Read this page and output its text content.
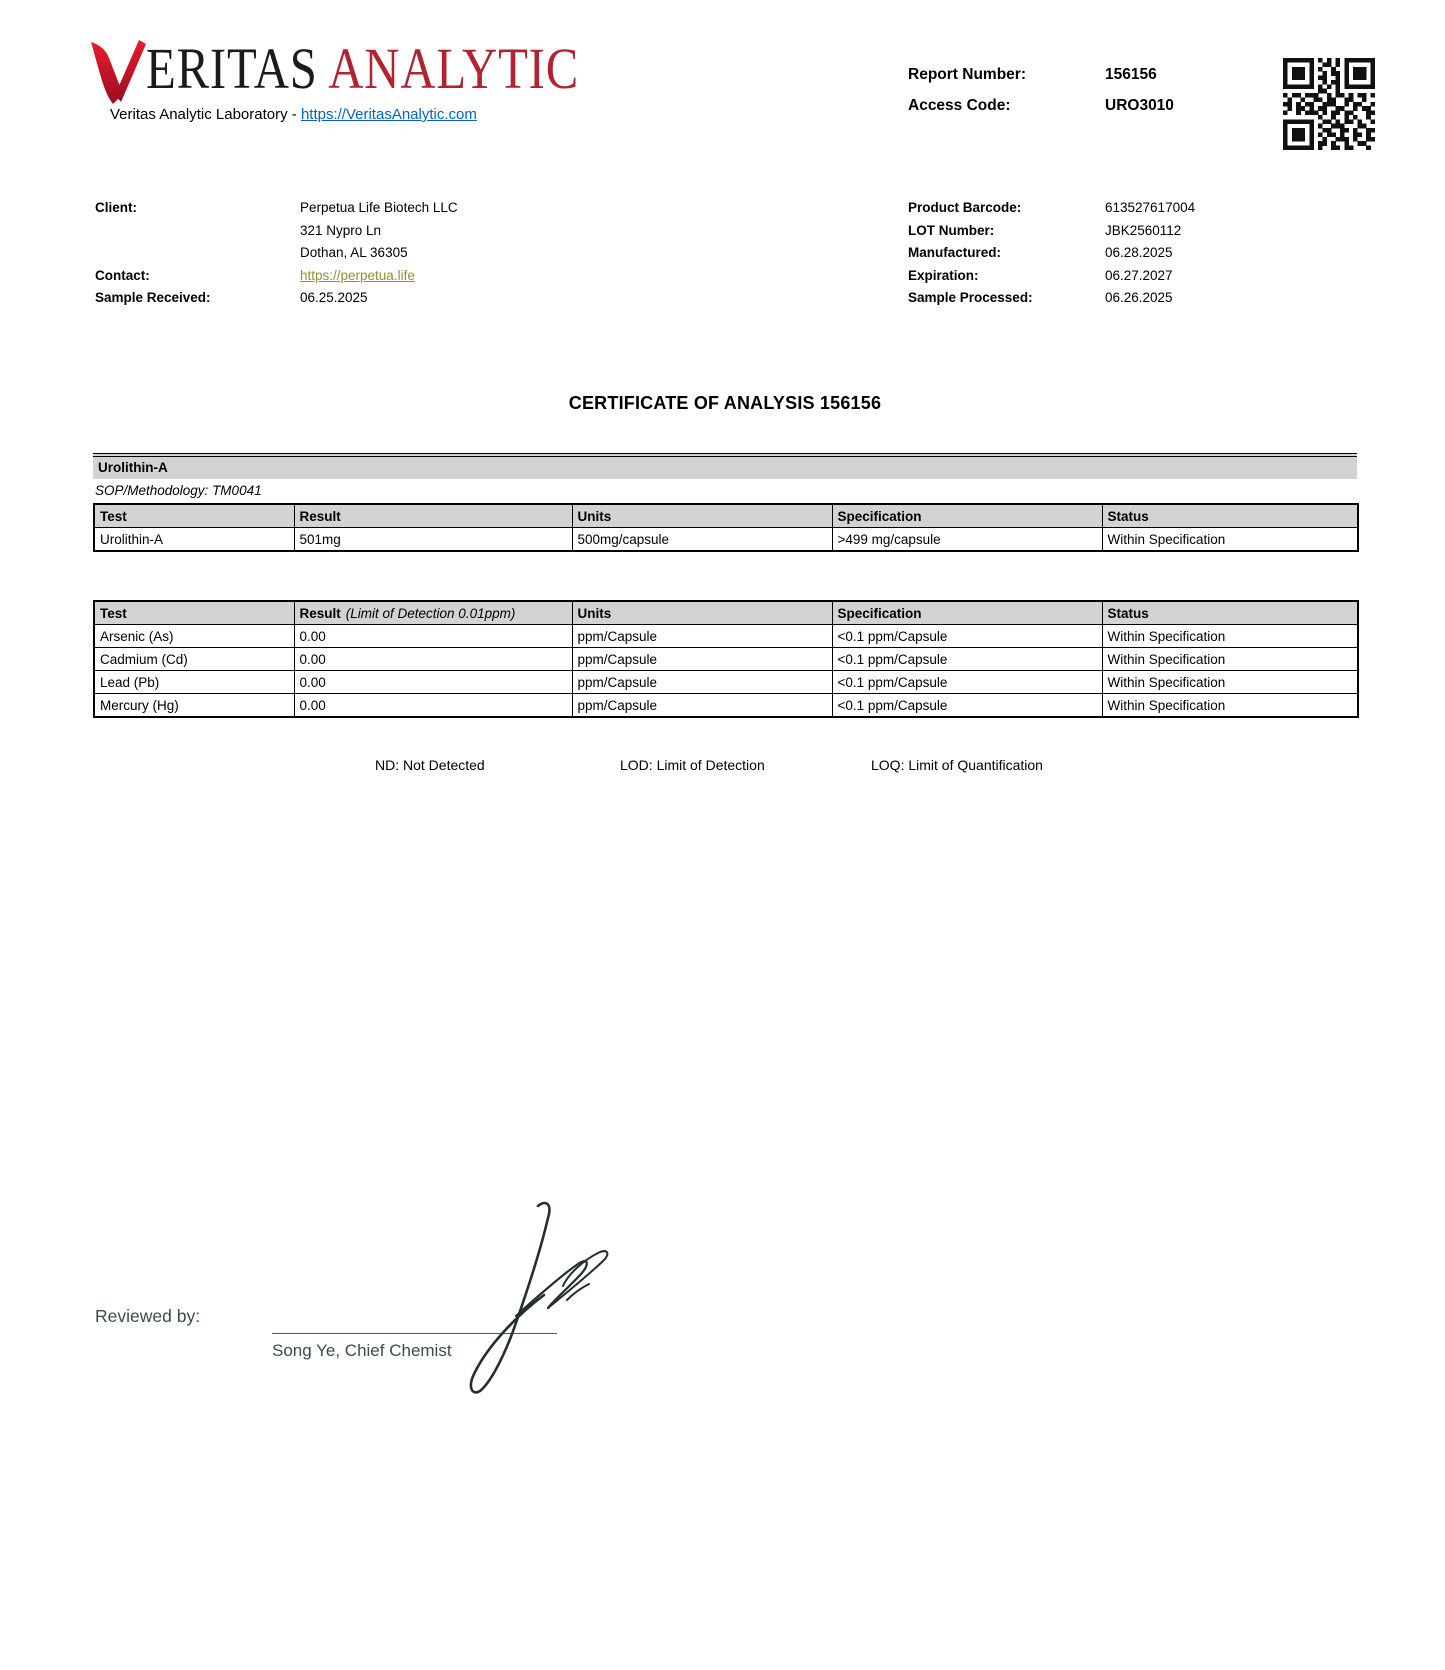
ERITAS  ANALYTIC
Veritas Analytic Laboratory - https://VeritasAnalytic.com
Report Number:	156156
Access Code:	URO3010
Client:	Perpetua Life Biotech LLC
321 Nypro Ln
Dothan, AL 36305
Contact:	https://perpetua.life
Sample Received:	06.25.2025
Product Barcode:	613527617004
LOT Number:	JBK2560112
Manufactured:	06.28.2025
Expiration:	06.27.2027
Sample Processed:	06.26.2025
CERTIFICATE OF ANALYSIS 156156
Urolithin-A
SOP/Methodology: TM0041
Test	Result	Units	Specification	Status
Urolithin-A	501mg	500mg/capsule	>499 mg/capsule	Within Specification
Test	Result (Limit of Detection 0.01ppm)	Units	Specification	Status
Arsenic (As)	0.00	ppm/Capsule	<0.1 ppm/Capsule	Within Specification
Cadmium (Cd)	0.00	ppm/Capsule	<0.1 ppm/Capsule	Within Specification
Lead (Pb)	0.00	ppm/Capsule	<0.1 ppm/Capsule	Within Specification
Mercury (Hg)	0.00	ppm/Capsule	<0.1 ppm/Capsule	Within Specification
ND: Not Detected	LOD: Limit of Detection	LOQ: Limit of Quantification
Reviewed by:
Song Ye, Chief Chemist
